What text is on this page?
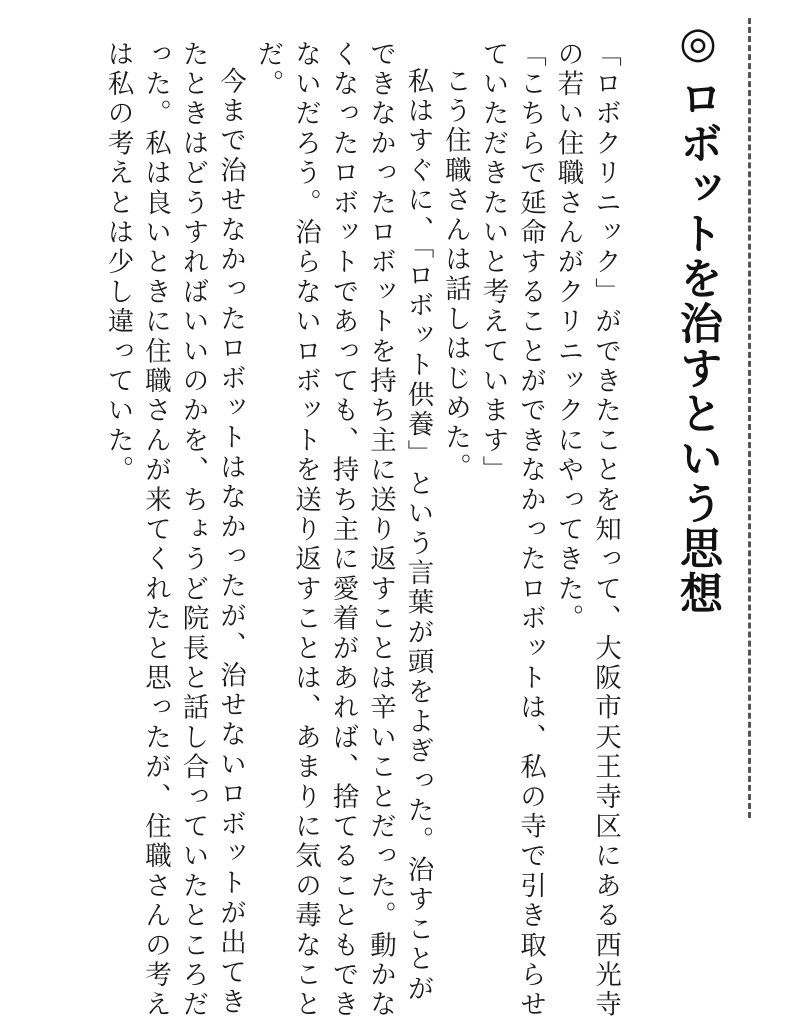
◎ロボットを治すという思想

「ロボクリニック」ができたことを知って、大阪市天王寺区にある西光寺の若い住職さんがクリニックにやってきた。

「こちらで延命することができなかったロボットは、私の寺で引き取らせていただきたいと考えています」

こう住職さんは話しはじめた。

私はすぐに、「ロボット供養」という言葉が頭をよぎった。治すことができなかったロボットを持ち主に送り返すことは辛いことだった。動かなくなったロボットであっても、持ち主に愛着があれば、捨てることもできないだろう。治らないロボットを送り返すことは、あまりに気の毒なことだ。

今まで治せなかったロボットはなかったが、治せないロボットが出てきたときはどうすればいいのかを、ちょうど院長と話し合っていたところだった。私は良いときに住職さんが来てくれたと思ったが、住職さんの考えは私の考えとは少し違っていた。
